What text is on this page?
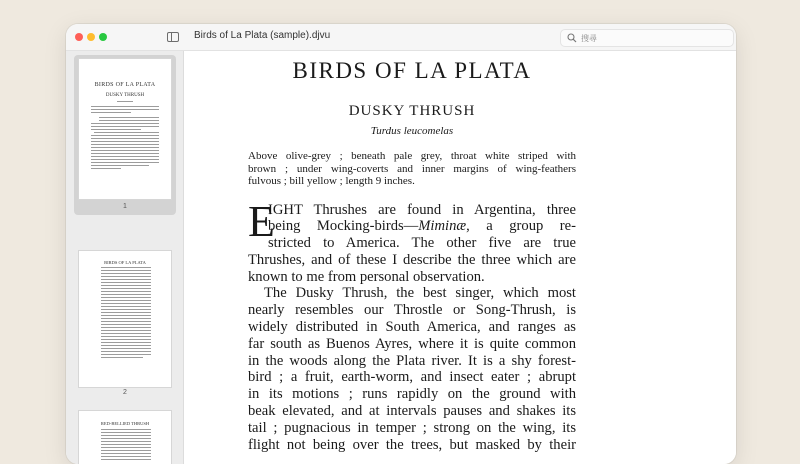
Birds of La Plata (sample).djvu
搜尋
BIRDS OF LA PLATA
DUSKY THRUSH
1
BIRDS OF LA PLATA
2
RED-BELLIED THRUSH
BIRDS OF LA PLATA
DUSKY THRUSH
Turdus leucomelas
Above olive-grey ; beneath pale grey, throat white striped with
brown ; under wing-coverts and inner margins of wing-feathers
fulvous ; bill yellow ; length 9 inches.
E
IGHT Thrushes are found in Argentina, three
being Mocking-birds—Miminæ, a group re-
stricted to America. The other five are true
Thrushes, and of these I describe the three which are
known to me from personal observation.
The Dusky Thrush, the best singer, which most
nearly resembles our Throstle or Song-Thrush, is
widely distributed in South America, and ranges as
far south as Buenos Ayres, where it is quite common
in the woods along the Plata river. It is a shy forest-
bird ; a fruit, earth-worm, and insect eater ; abrupt
in its motions ; runs rapidly on the ground with
beak elevated, and at intervals pauses and shakes its
tail ; pugnacious in temper ; strong on the wing, its
flight not being over the trees, but masked by their
